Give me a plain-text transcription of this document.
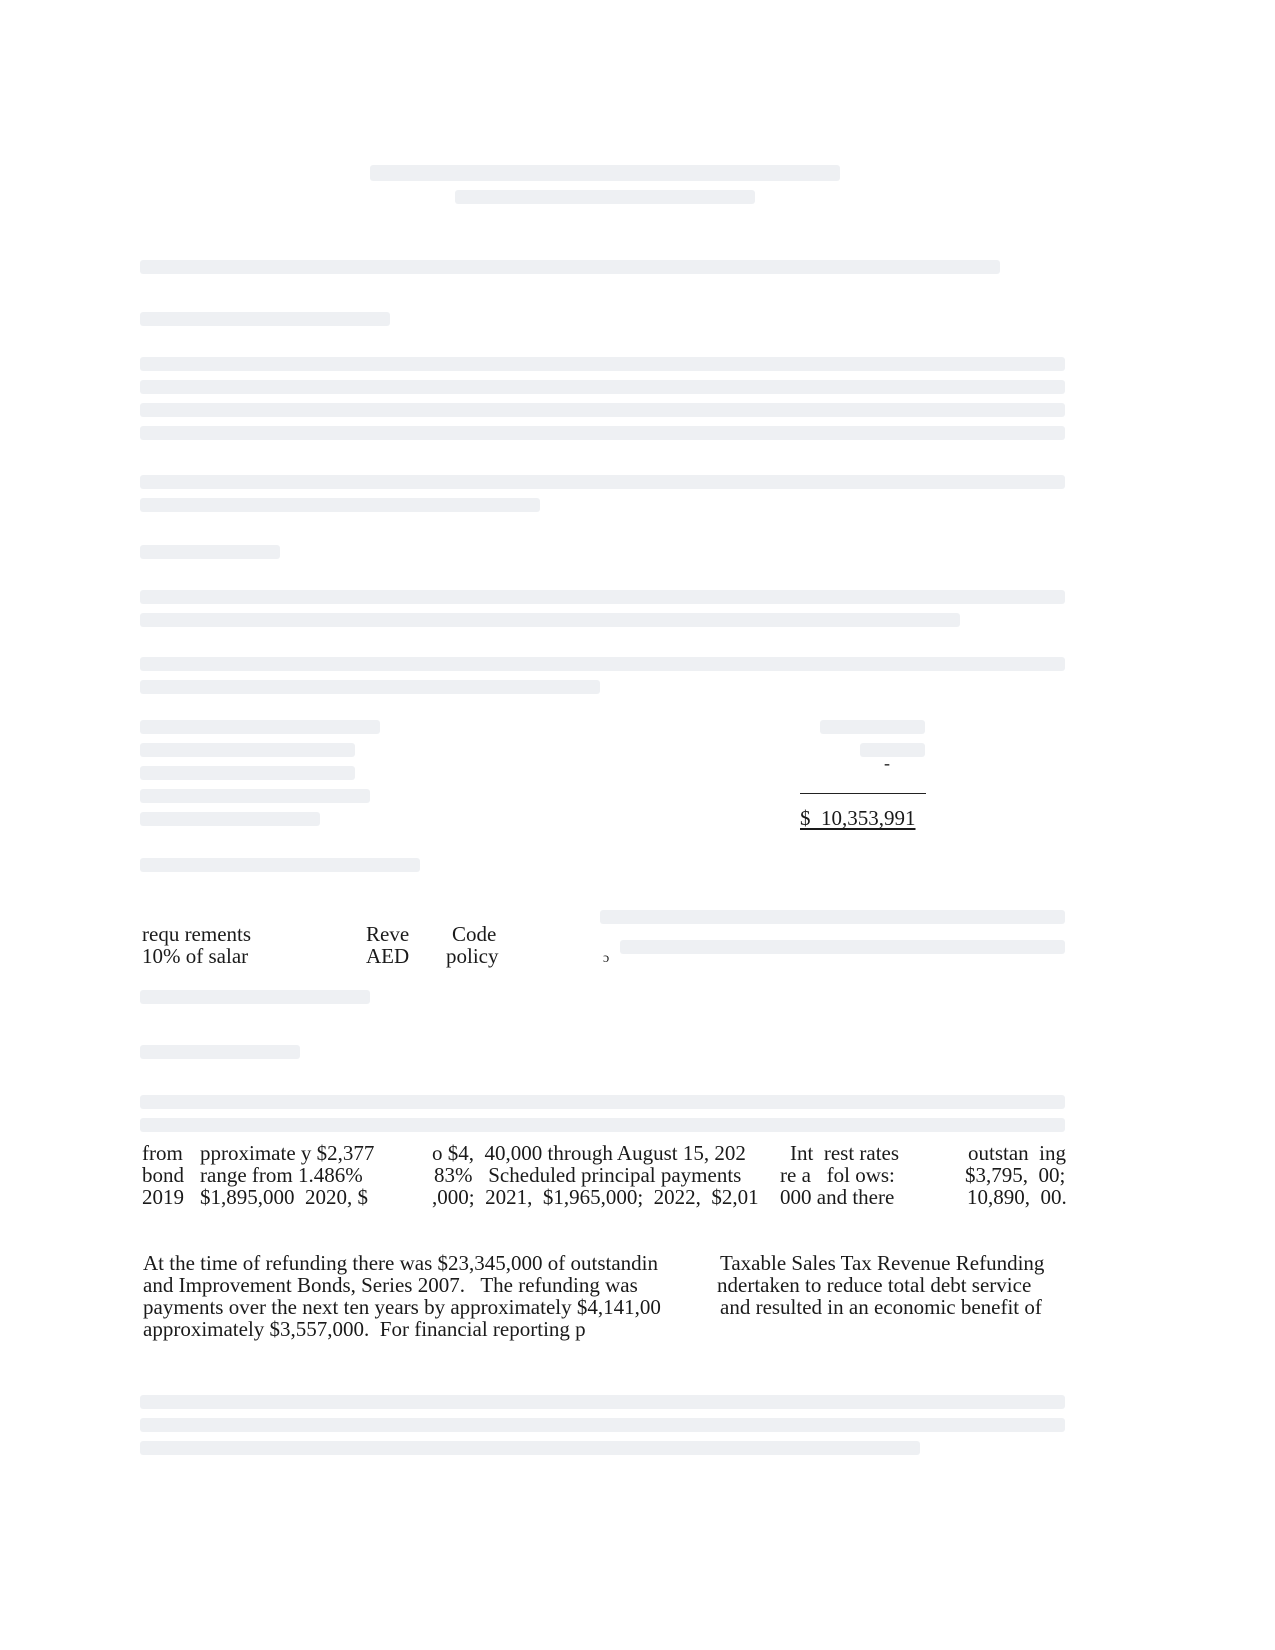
-
$  10,353,991
requ rements
10% of salar
Reve
AED
Code
policy	ɔ
from
bond
2019
pproximate y $2,377
range from 1.486%
$1,895,000  2020, $
o $4,  40,000 through August 15, 202
83%   Scheduled principal payments
,000;  2021,  $1,965,000;  2022,  $2,01
Int  rest rates
re a   fol ows:
000 and there
outstan  ing
$3,795,  00;
10,890,  00.
At the time of refunding there was $23,345,000 of outstandin
and Improvement Bonds, Series 2007.   The refunding was
payments over the next ten years by approximately $4,141,00
approximately $3,557,000.  For financial reporting p
Taxable Sales Tax Revenue Refunding
ndertaken to reduce total debt service
and resulted in an economic benefit of
